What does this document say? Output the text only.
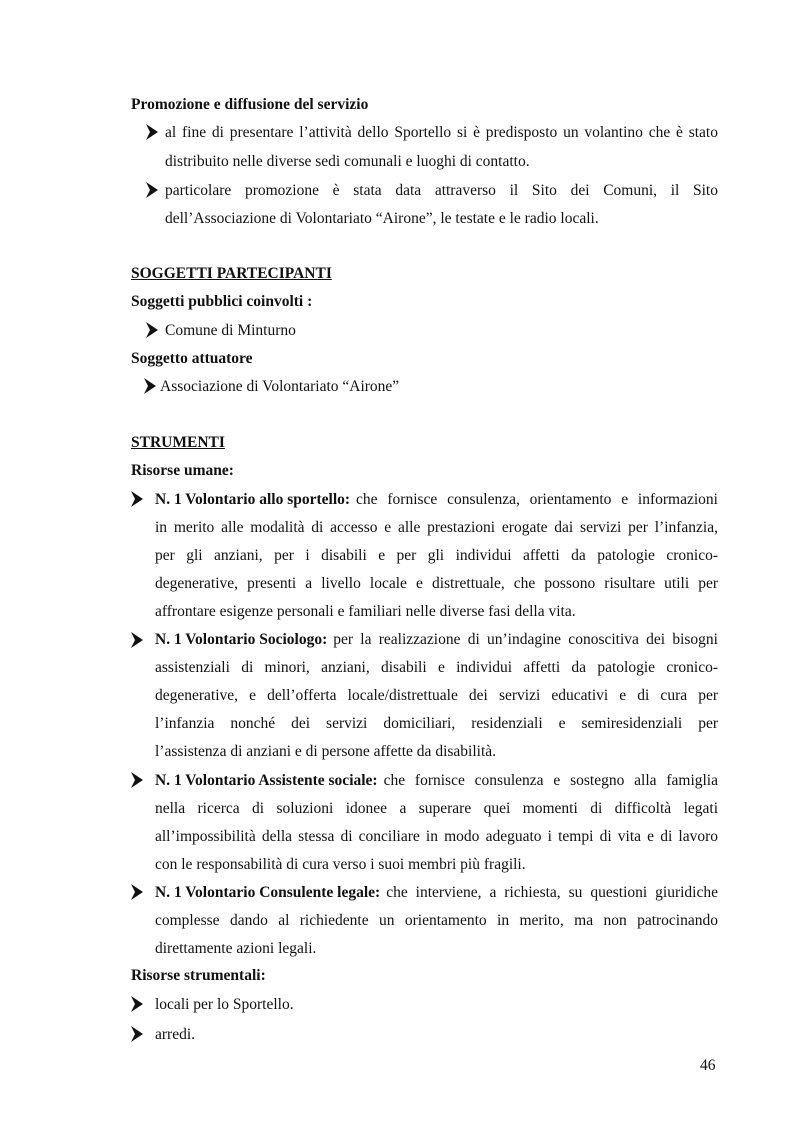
Promozione e diffusione del servizio
al fine di presentare l’attività dello Sportello si è predisposto un volantino che è stato
distribuito nelle diverse sedi comunali e luoghi di contatto.
particolare promozione è stata data attraverso il Sito dei Comuni, il Sito
dell’Associazione di Volontariato “Airone”, le testate e le radio locali.
SOGGETTI PARTECIPANTI
Soggetti pubblici coinvolti :
Comune di Minturno
Soggetto attuatore
Associazione di Volontariato “Airone”
STRUMENTI
Risorse umane:
N. 1 Volontario allo sportello: che fornisce consulenza, orientamento e informazioni
in merito alle modalità di accesso e alle prestazioni erogate dai servizi per l’infanzia,
per gli anziani, per i disabili e per gli individui affetti da patologie cronico-
degenerative, presenti a livello locale e distrettuale, che possono risultare utili per
affrontare esigenze personali e familiari nelle diverse fasi della vita.
N. 1 Volontario Sociologo: per la realizzazione di un’indagine conoscitiva dei bisogni
assistenziali di minori, anziani, disabili e individui affetti da patologie cronico-
degenerative, e dell’offerta locale/distrettuale dei servizi educativi e di cura per
l’infanzia nonché dei servizi domiciliari, residenziali e semiresidenziali per
l’assistenza di anziani e di persone affette da disabilità.
N. 1 Volontario Assistente sociale: che fornisce consulenza e sostegno alla famiglia
nella ricerca di soluzioni idonee a superare quei momenti di difficoltà legati
all’impossibilità della stessa di conciliare in modo adeguato i tempi di vita e di lavoro
con le responsabilità di cura verso i suoi membri più fragili.
N. 1 Volontario Consulente legale: che interviene, a richiesta, su questioni giuridiche
complesse dando al richiedente un orientamento in merito, ma non patrocinando
direttamente azioni legali.
Risorse strumentali:
locali per lo Sportello.
arredi.
46
